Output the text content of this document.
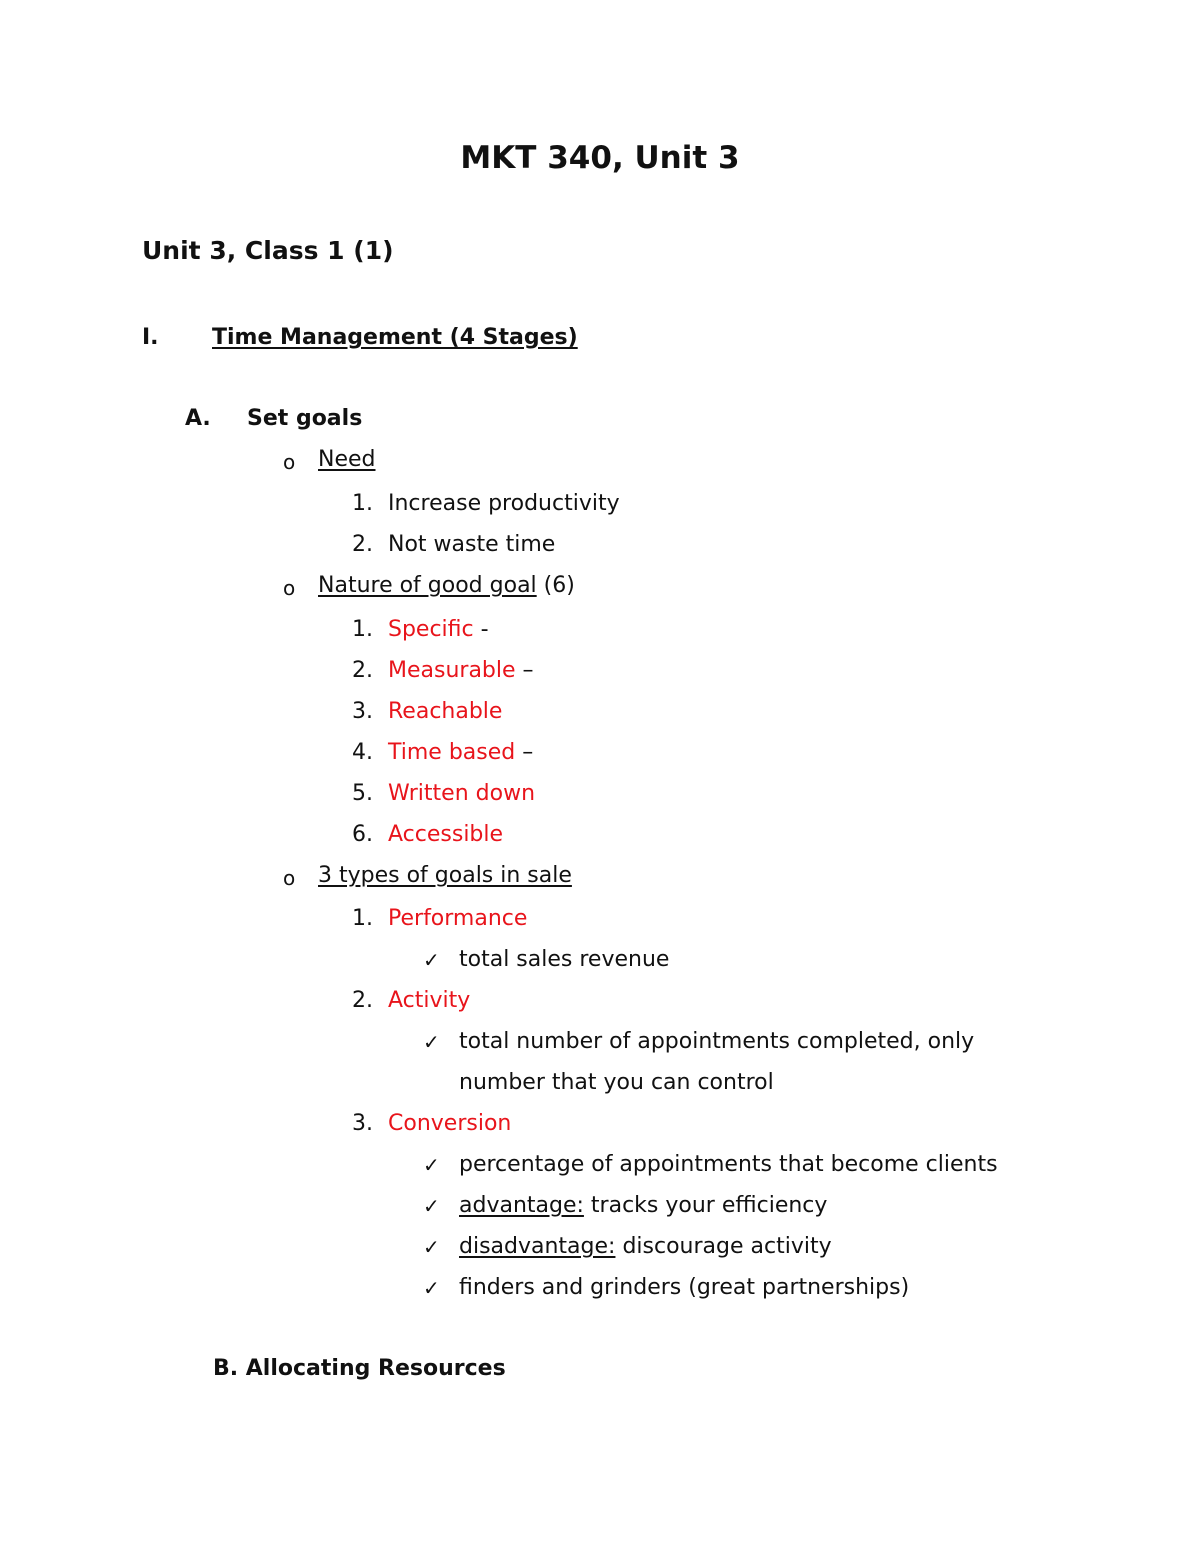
MKT 340, Unit 3
Unit 3, Class 1 (1)
I. Time Management (4 Stages)
A. Set goals
o Need
1. Increase productivity
2. Not waste time
o Nature of good goal (6)
1. Specific -
2. Measurable –
3. Reachable
4. Time based –
5. Written down
6. Accessible
o 3 types of goals in sale
1. Performance
✓ total sales revenue
2. Activity
✓ total number of appointments completed, only
number that you can control
3. Conversion
✓ percentage of appointments that become clients
✓ advantage: tracks your efficiency
✓ disadvantage: discourage activity
✓ finders and grinders (great partnerships)
B. Allocating Resources
